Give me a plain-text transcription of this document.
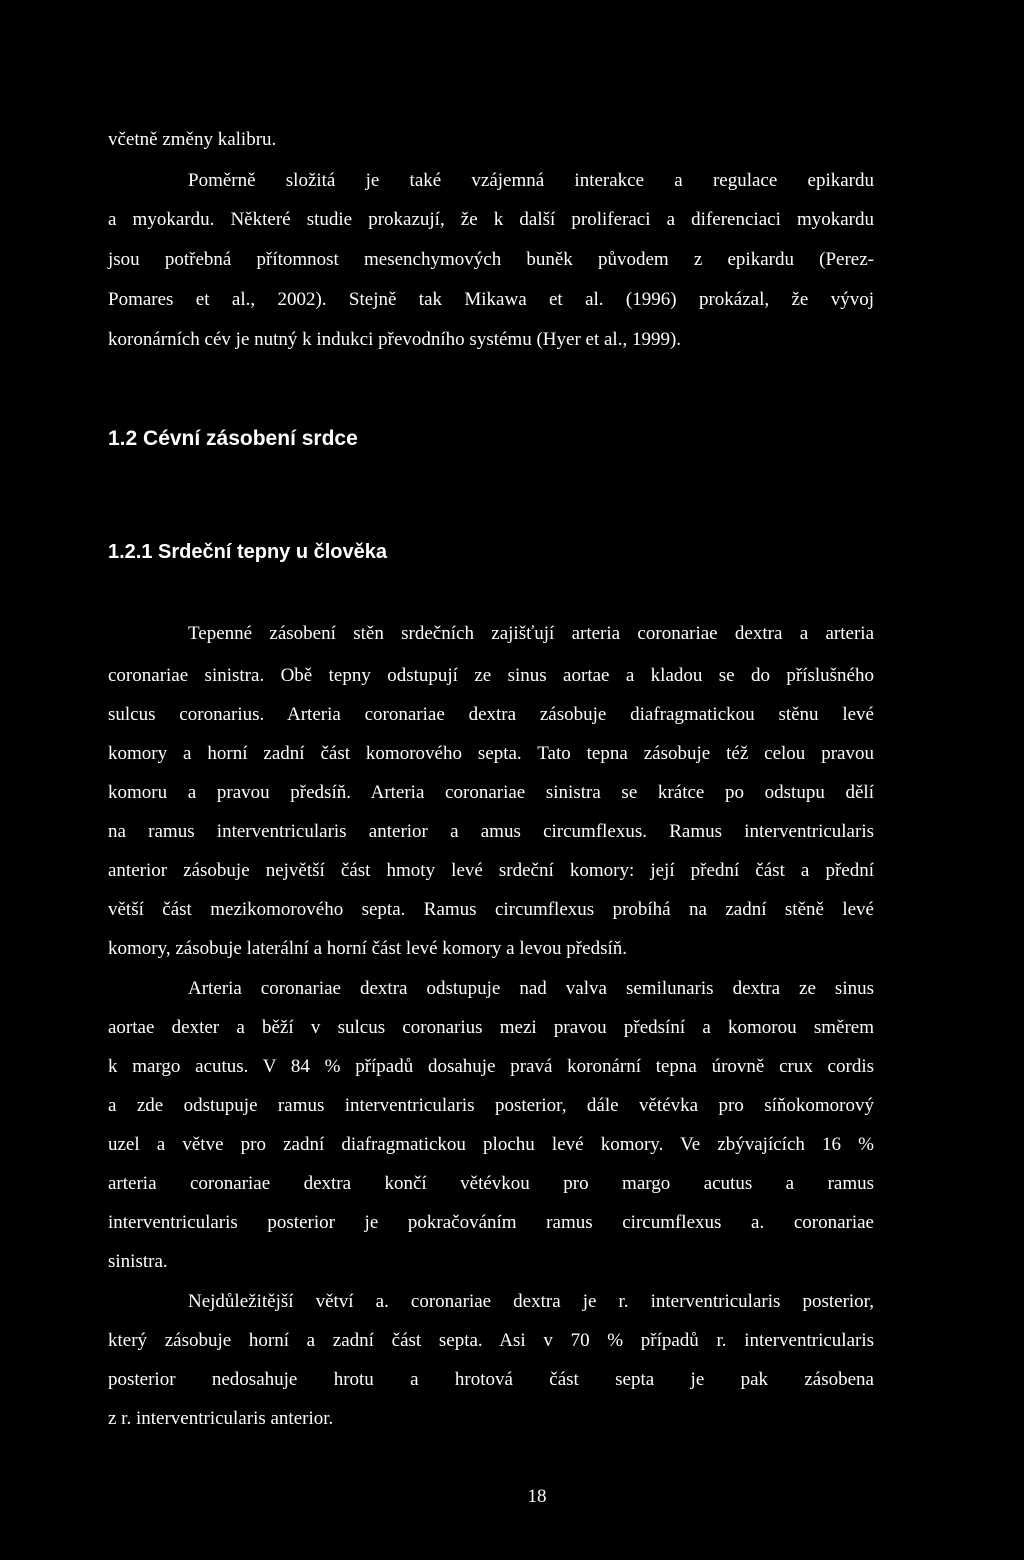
včetně změny kalibru.

Poměrně složitá je také vzájemná interakce a regulace epikardu

a myokardu. Některé studie prokazují, že k další proliferaci a diferenciaci myokardu

jsou potřebná přítomnost mesenchymových buněk původem z epikardu (Perez-

Pomares et al., 2002). Stejně tak Mikawa et al. (1996) prokázal, že vývoj

koronárních cév je nutný k indukci převodního systému (Hyer et al., 1999).

1.2 Cévní zásobení srdce
1.2.1 Srdeční tepny u člověka

Tepenné zásobení stěn srdečních zajišťují arteria coronariae dextra a arteria

coronariae sinistra. Obě tepny odstupují ze sinus aortae a kladou se do příslušného

sulcus coronarius. Arteria coronariae dextra zásobuje diafragmatickou stěnu levé

komory a horní zadní část komorového septa. Tato tepna zásobuje též celou pravou

komoru a pravou předsíň. Arteria coronariae sinistra se krátce po odstupu dělí

na ramus interventricularis anterior a amus circumflexus. Ramus interventricularis

anterior zásobuje největší část hmoty levé srdeční komory: její přední část a přední

větší část mezikomorového septa. Ramus circumflexus probíhá na zadní stěně levé

komory, zásobuje laterální a horní část levé komory a levou předsíň.

Arteria coronariae dextra odstupuje nad valva semilunaris dextra ze sinus

aortae dexter a běží v sulcus coronarius mezi pravou předsíní a komorou směrem

k margo acutus. V 84 % případů dosahuje pravá koronární tepna úrovně crux cordis

a zde odstupuje ramus interventricularis posterior, dále větévka pro síňokomorový

uzel a větve pro zadní diafragmatickou plochu levé komory. Ve zbývajících 16 %

arteria coronariae dextra končí větévkou pro margo acutus a ramus

interventricularis posterior je pokračováním ramus circumflexus a. coronariae

sinistra.

Nejdůležitější větví a. coronariae dextra je r. interventricularis posterior,

který zásobuje horní a zadní část septa. Asi v 70 % případů r. interventricularis

posterior nedosahuje hrotu a hrotová část septa je pak zásobena

z r. interventricularis anterior.

18
